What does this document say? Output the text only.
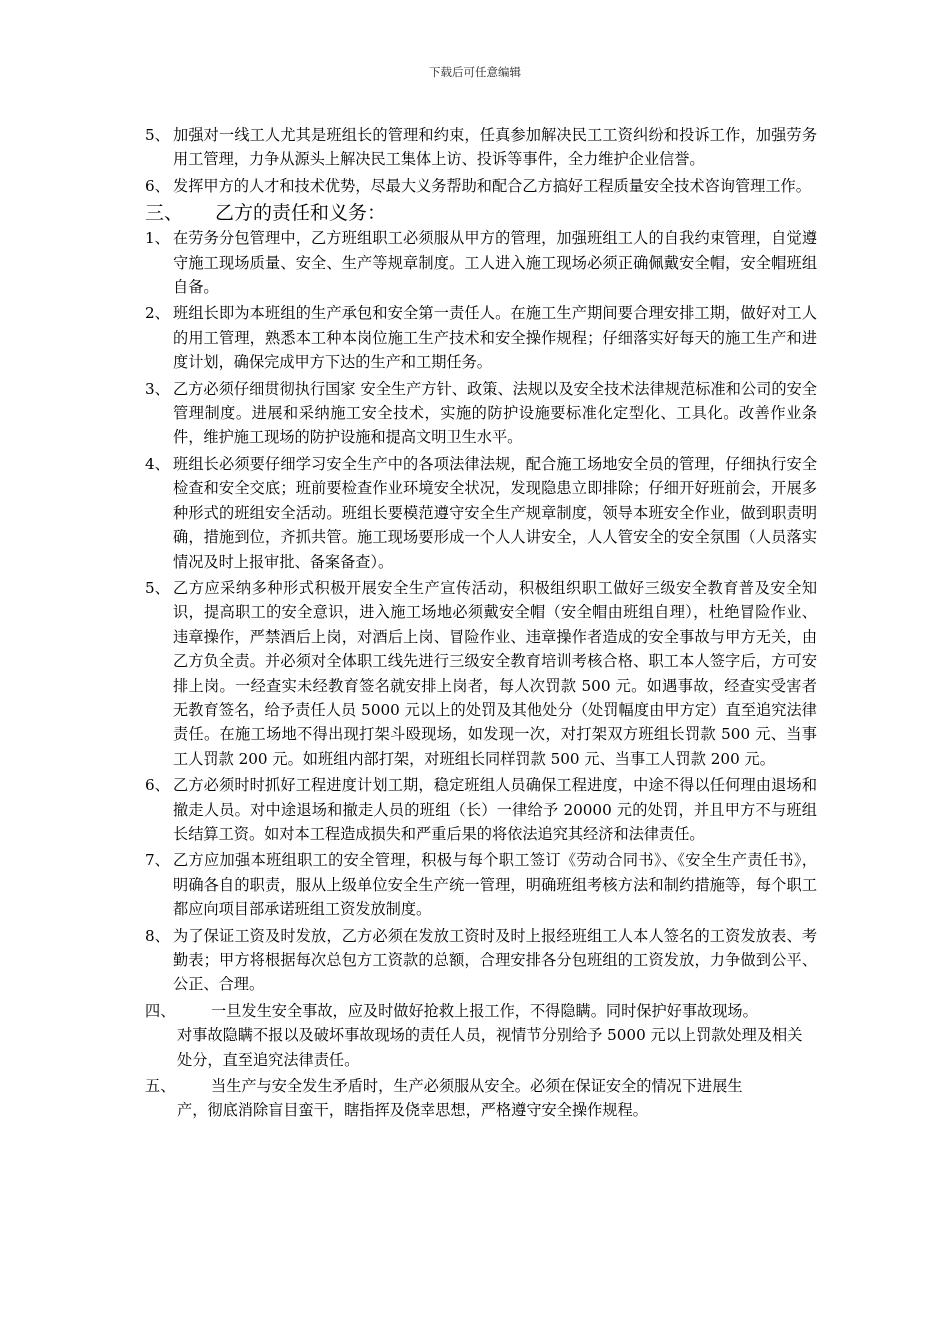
下载后可任意编辑
5、 加强对一线工人尤其是班组长的管理和约束，任真参加解决民工工资纠纷和投诉工作，加强劳务用工管理，力争从源头上解决民工集体上访、投诉等事件，全力维护企业信誉。
6、 发挥甲方的人才和技术优势，尽最大义务帮助和配合乙方搞好工程质量安全技术咨询管理工作。
三、 乙方的责任和义务：
1、 在劳务分包管理中，乙方班组职工必须服从甲方的管理，加强班组工人的自我约束管理，自觉遵守施工现场质量、安全、生产等规章制度。工人进入施工现场必须正确佩戴安全帽，安全帽班组自备。
2、 班组长即为本班组的生产承包和安全第一责任人。在施工生产期间要合理安排工期，做好对工人的用工管理，熟悉本工种本岗位施工生产技术和安全操作规程；仔细落实好每天的施工生产和进度计划，确保完成甲方下达的生产和工期任务。
3、 乙方必须仔细贯彻执行国家 安全生产方针、政策、法规以及安全技术法律规范标准和公司的安全管理制度。进展和采纳施工安全技术，实施的防护设施要标准化定型化、工具化。改善作业条件，维护施工现场的防护设施和提高文明卫生水平。
4、 班组长必须要仔细学习安全生产中的各项法律法规，配合施工场地安全员的管理，仔细执行安全检查和安全交底；班前要检查作业环境安全状况，发现隐患立即排除；仔细开好班前会，开展多种形式的班组安全活动。班组长要模范遵守安全生产规章制度，领导本班安全作业，做到职责明确，措施到位，齐抓共管。施工现场要形成一个人人讲安全，人人管安全的安全氛围（人员落实情况及时上报审批、备案备查）。
5、 乙方应采纳多种形式积极开展安全生产宣传活动，积极组织职工做好三级安全教育普及安全知识，提高职工的安全意识，进入施工场地必须戴安全帽（安全帽由班组自理），杜绝冒险作业、违章操作，严禁酒后上岗，对酒后上岗、冒险作业、违章操作者造成的安全事故与甲方无关，由乙方负全责。并必须对全体职工线先进行三级安全教育培训考核合格、职工本人签字后，方可安排上岗。一经查实未经教育签名就安排上岗者，每人次罚款 500 元。如遇事故，经查实受害者无教育签名，给予责任人员 5000 元以上的处罚及其他处分（处罚幅度由甲方定）直至追究法律责任。在施工场地不得出现打架斗殴现场，如发现一次，对打架双方班组长罚款 500 元、当事工人罚款 200 元。如班组内部打架，对班组长同样罚款 500 元、当事工人罚款 200 元。
6、 乙方必须时时抓好工程进度计划工期，稳定班组人员确保工程进度，中途不得以任何理由退场和撤走人员。对中途退场和撤走人员的班组（长）一律给予 20000 元的处罚，并且甲方不与班组长结算工资。如对本工程造成损失和严重后果的将依法追究其经济和法律责任。
7、 乙方应加强本班组职工的安全管理，积极与每个职工签订《劳动合同书》、《安全生产责任书》，明确各自的职责，服从上级单位安全生产统一管理，明确班组考核方法和制约措施等，每个职工都应向项目部承诺班组工资发放制度。
8、 为了保证工资及时发放，乙方必须在发放工资时及时上报经班组工人本人签名的工资发放表、考勤表；甲方将根据每次总包方工资款的总额，合理安排各分包班组的工资发放，力争做到公平、公正、合理。
四、	一旦发生安全事故，应及时做好抢救上报工作，不得隐瞒。同时保护好事故现场。
对事故隐瞒不报以及破坏事故现场的责任人员，视情节分别给予 5000 元以上罚款处理及相关处分，直至追究法律责任。
五、	当生产与安全发生矛盾时，生产必须服从安全。必须在保证安全的情况下进展生
产，彻底消除盲目蛮干，瞎指挥及侥幸思想，严格遵守安全操作规程。
